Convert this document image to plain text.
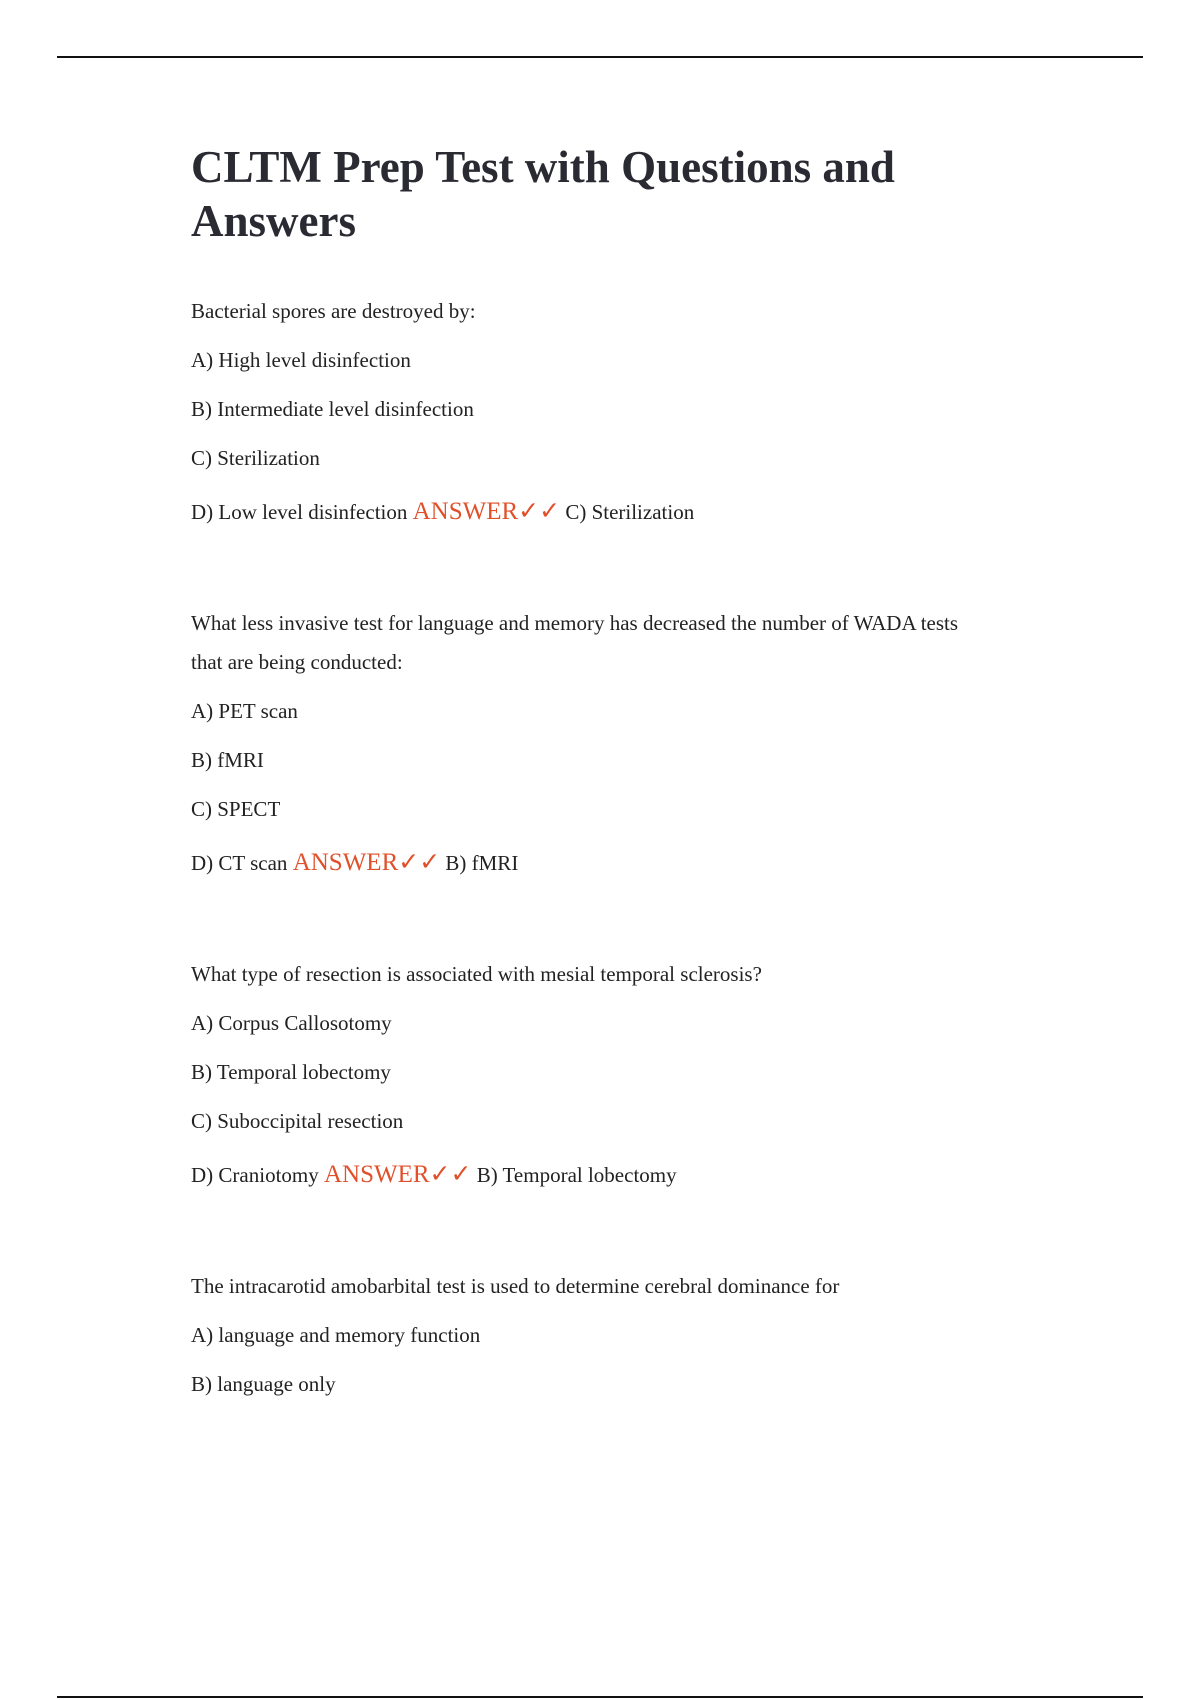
CLTM Prep Test with Questions and
Answers

Bacterial spores are destroyed by:

A) High level disinfection

B) Intermediate level disinfection

C) Sterilization

D) Low level disinfection ANSWER✓✓ C) Sterilization

What less invasive test for language and memory has decreased the number of WADA tests
that are being conducted:

A) PET scan

B) fMRI

C) SPECT

D) CT scan ANSWER✓✓ B) fMRI

What type of resection is associated with mesial temporal sclerosis?

A) Corpus Callosotomy

B) Temporal lobectomy

C) Suboccipital resection

D) Craniotomy ANSWER✓✓ B) Temporal lobectomy

The intracarotid amobarbital test is used to determine cerebral dominance for

A) language and memory function

B) language only
